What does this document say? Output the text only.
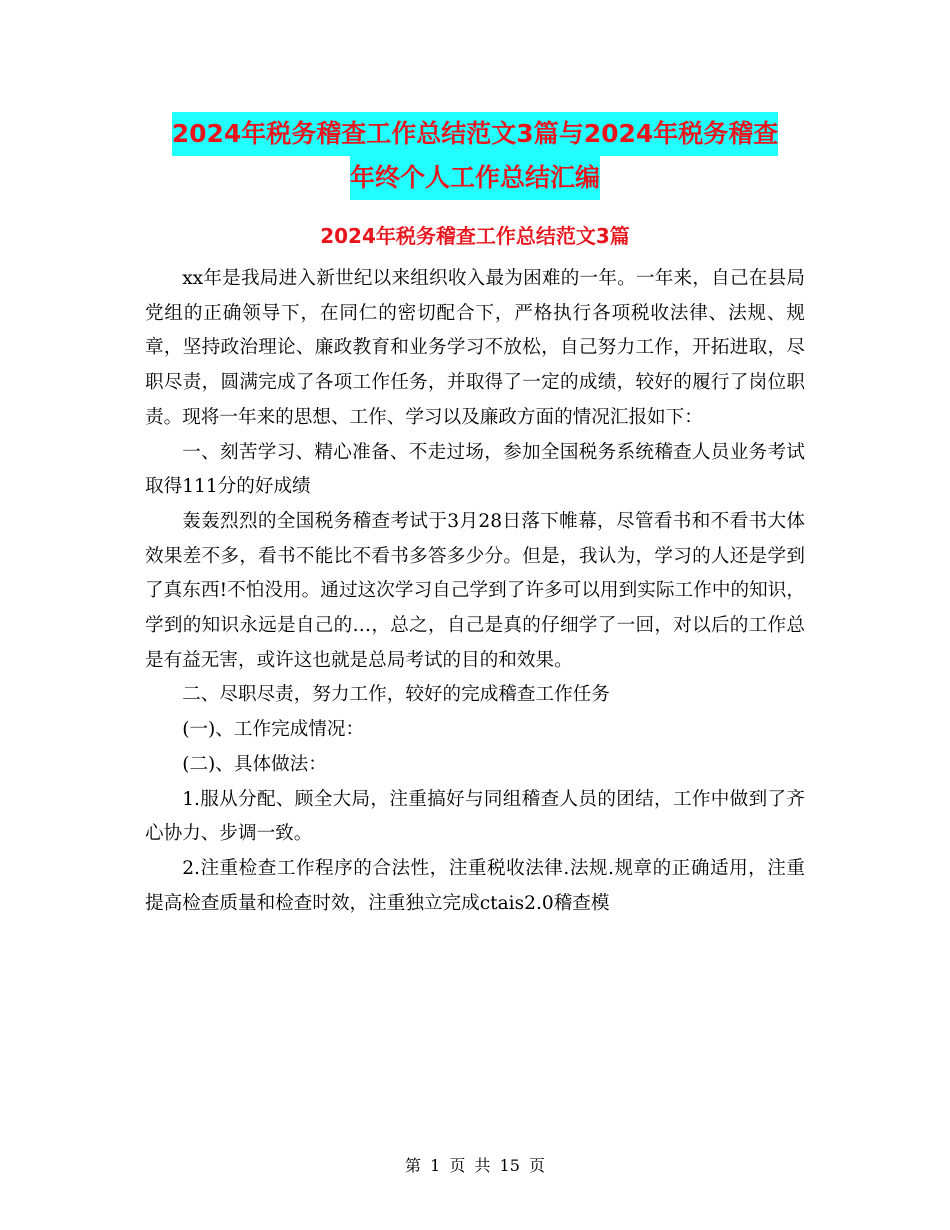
2024年税务稽查工作总结范文3篇与2024年税务稽查
年终个人工作总结汇编
2024年税务稽查工作总结范文3篇

xx年是我局进入新世纪以来组织收入最为困难的一年。一年来，自己在县局党组的正确领导下，在同仁的密切配合下，严格执行各项税收法律、法规、规章，坚持政治理论、廉政教育和业务学习不放松，自己努力工作，开拓进取，尽职尽责，圆满完成了各项工作任务，并取得了一定的成绩，较好的履行了岗位职责。现将一年来的思想、工作、学习以及廉政方面的情况汇报如下：

一、刻苦学习、精心准备、不走过场，参加全国税务系统稽查人员业务考试取得111分的好成绩

轰轰烈烈的全国税务稽查考试于3月28日落下帷幕，尽管看书和不看书大体效果差不多，看书不能比不看书多答多少分。但是，我认为，学习的人还是学到了真东西!不怕没用。通过这次学习自己学到了许多可以用到实际工作中的知识，学到的知识永远是自己的…，总之，自己是真的仔细学了一回，对以后的工作总是有益无害，或许这也就是总局考试的目的和效果。

二、尽职尽责，努力工作，较好的完成稽查工作任务

(一)、工作完成情况：

(二)、具体做法：

1.服从分配、顾全大局，注重搞好与同组稽查人员的团结，工作中做到了齐心协力、步调一致。

2.注重检查工作程序的合法性，注重税收法律.法规.规章的正确适用，注重提高检查质量和检查时效，注重独立完成ctais2.0稽查模

第 1 页 共 15 页
